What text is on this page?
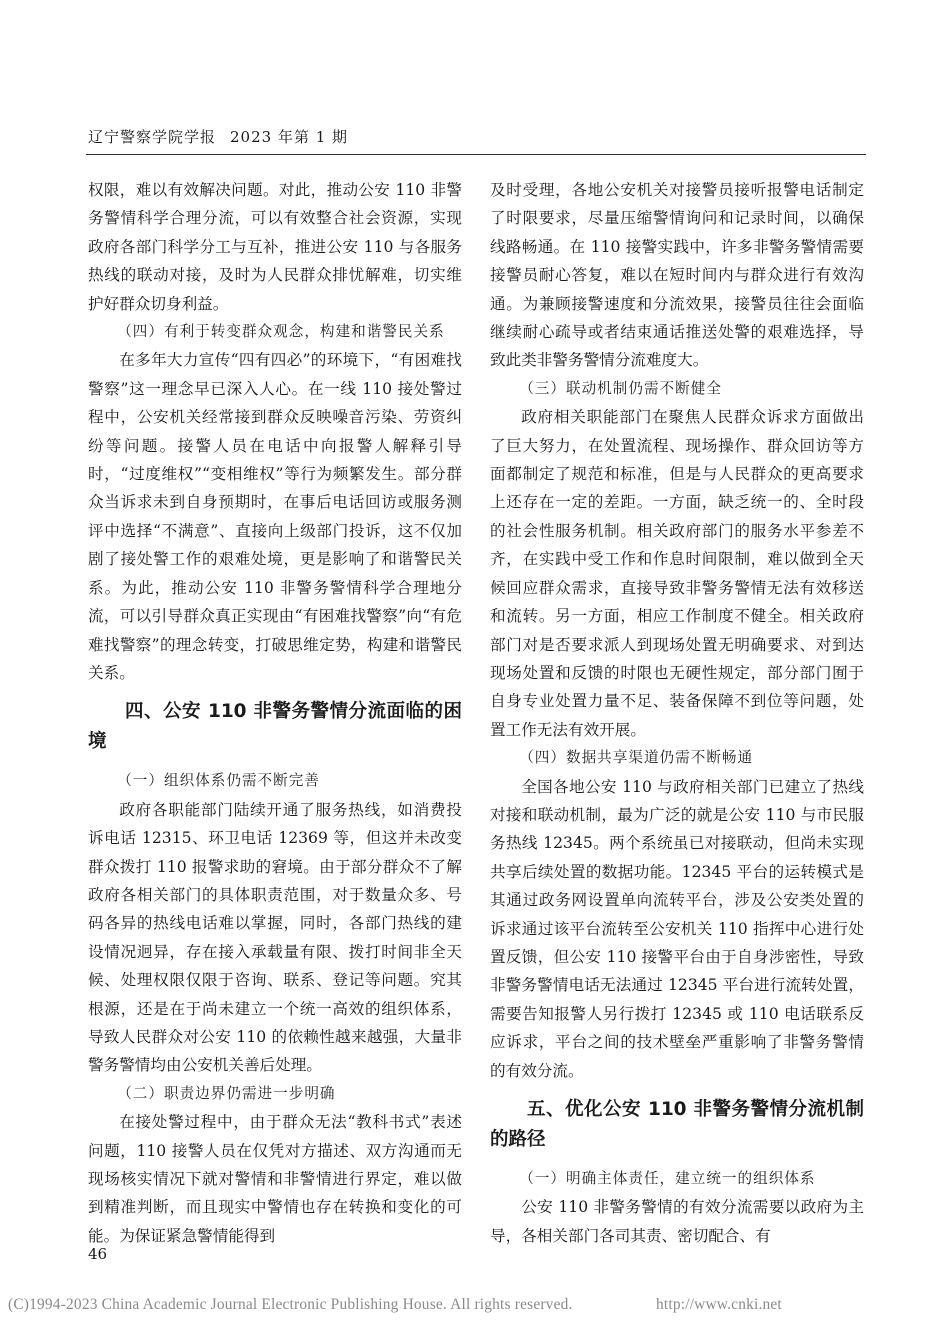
辽宁警察学院学报 2023 年第 1 期

权限，难以有效解决问题。对此，推动公安 110 非警务警情科学合理分流，可以有效整合社会资源，实现政府各部门科学分工与互补，推进公安 110 与各服务热线的联动对接，及时为人民群众排忧解难，切实维护好群众切身利益。

（四）有利于转变群众观念，构建和谐警民关系

在多年大力宣传“四有四必”的环境下，“有困难找警察”这一理念早已深入人心。在一线 110 接处警过程中，公安机关经常接到群众反映噪音污染、劳资纠纷等问题。接警人员在电话中向报警人解释引导时，“过度维权”“变相维权”等行为频繁发生。部分群众当诉求未到自身预期时，在事后电话回访或服务测评中选择“不满意”、直接向上级部门投诉，这不仅加剧了接处警工作的艰难处境，更是影响了和谐警民关系。为此，推动公安 110 非警务警情科学合理地分流，可以引导群众真正实现由“有困难找警察”向“有危难找警察”的理念转变，打破思维定势，构建和谐警民关系。

四、公安 110 非警务警情分流面临的困境

（一）组织体系仍需不断完善

政府各职能部门陆续开通了服务热线，如消费投诉电话 12315、环卫电话 12369 等，但这并未改变群众拨打 110 报警求助的窘境。由于部分群众不了解政府各相关部门的具体职责范围，对于数量众多、号码各异的热线电话难以掌握，同时，各部门热线的建设情况迥异，存在接入承载量有限、拨打时间非全天候、处理权限仅限于咨询、联系、登记等问题。究其根源，还是在于尚未建立一个统一高效的组织体系，导致人民群众对公安 110 的依赖性越来越强，大量非警务警情均由公安机关善后处理。

（二）职责边界仍需进一步明确

在接处警过程中，由于群众无法“教科书式”表述问题，110 接警人员在仅凭对方描述、双方沟通而无现场核实情况下就对警情和非警情进行界定，难以做到精准判断，而且现实中警情也存在转换和变化的可能。为保证紧急警情能得到

及时受理，各地公安机关对接警员接听报警电话制定了时限要求，尽量压缩警情询问和记录时间，以确保线路畅通。在 110 接警实践中，许多非警务警情需要接警员耐心答复，难以在短时间内与群众进行有效沟通。为兼顾接警速度和分流效果，接警员往往会面临继续耐心疏导或者结束通话推送处警的艰难选择，导致此类非警务警情分流难度大。

（三）联动机制仍需不断健全

政府相关职能部门在聚焦人民群众诉求方面做出了巨大努力，在处置流程、现场操作、群众回访等方面都制定了规范和标准，但是与人民群众的更高要求上还存在一定的差距。一方面，缺乏统一的、全时段的社会性服务机制。相关政府部门的服务水平参差不齐，在实践中受工作和作息时间限制，难以做到全天候回应群众需求，直接导致非警务警情无法有效移送和流转。另一方面，相应工作制度不健全。相关政府部门对是否要求派人到现场处置无明确要求、对到达现场处置和反馈的时限也无硬性规定，部分部门囿于自身专业处置力量不足、装备保障不到位等问题，处置工作无法有效开展。

（四）数据共享渠道仍需不断畅通

全国各地公安 110 与政府相关部门已建立了热线对接和联动机制，最为广泛的就是公安 110 与市民服务热线 12345。两个系统虽已对接联动，但尚未实现共享后续处置的数据功能。12345 平台的运转模式是其通过政务网设置单向流转平台，涉及公安类处置的诉求通过该平台流转至公安机关 110 指挥中心进行处置反馈，但公安 110 接警平台由于自身涉密性，导致非警务警情电话无法通过 12345 平台进行流转处置，需要告知报警人另行拨打 12345 或 110 电话联系反应诉求，平台之间的技术壁垒严重影响了非警务警情的有效分流。

五、优化公安 110 非警务警情分流机制的路径

（一）明确主体责任，建立统一的组织体系

公安 110 非警务警情的有效分流需要以政府为主导，各相关部门各司其责、密切配合、有

46
(C)1994-2023 China Academic Journal Electronic Publishing House. All rights reserved.	http://www.cnki.net
